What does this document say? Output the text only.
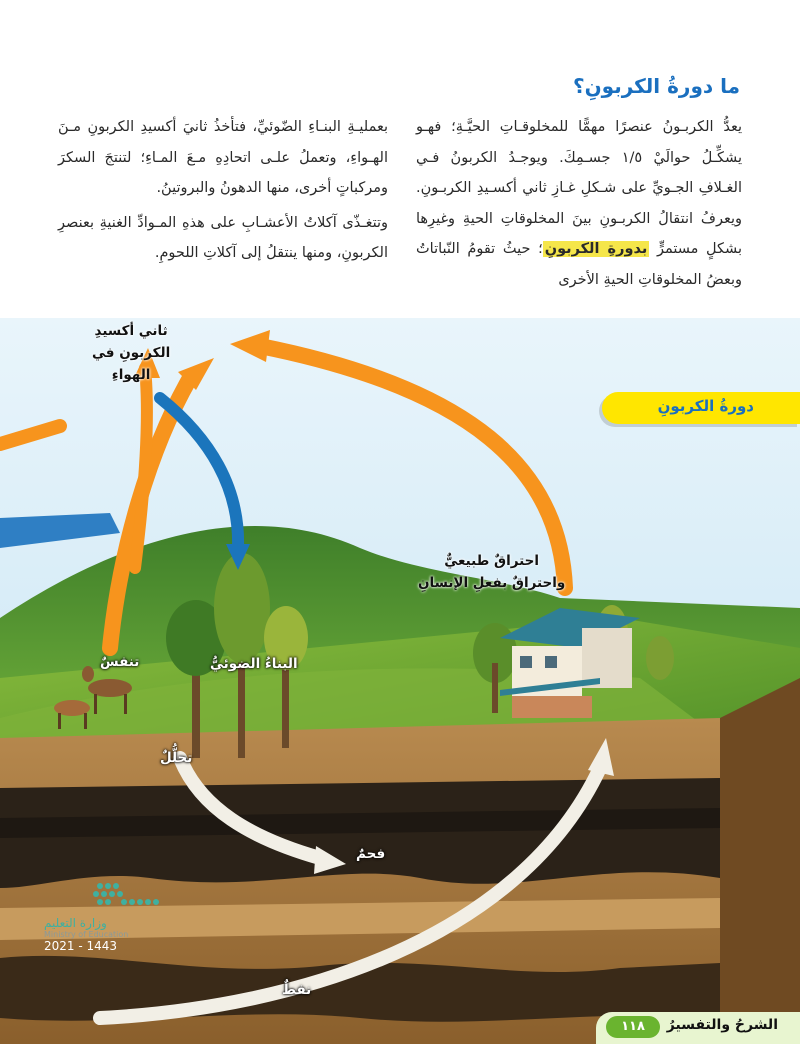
ما دورةُ الكربونِ؟

يعدُّ الكربـونُ عنصرًا مهمًّا للمخلوقـاتِ الحيَّـةِ؛ فهـو يشكِّـلُ حوالَيْ ١/٥ جسـمِكَ. ويوجـدُ الكربونُ فـي الغـلافِ الجـويِّ على شـكلِ غـازِ ثاني أكسـيدِ الكربـونِ. ويعرفُ انتقالُ الكربـونِ بينَ المخلوقاتِ الحيةِ وغيرِها بشكلٍ مستمرٍّ بدورةِ الكربونِ؛ حيثُ تقومُ النّباتاتُ وبعضُ المخلوقاتِ الحيةِ الأخرى

بعمليـةِ البنـاءِ الضّوئيِّ، فتأخذُ ثانيَ أكسيدِ الكربونِ مـنَ الهـواءِ، وتعملُ علـى اتحادِهِ مـعَ المـاءِ؛ لتنتجَ السكرَ ومركباتٍ أخرى، منها الدهونُ والبروتينُ.

وتتغـذّى آكلاتُ الأعشـابِ على هذهِ المـوادِّ الغنيةِ بعنصرِ الكربونِ، ومنها ينتقلُ إلى آكلاتِ اللحومِ.

ثاني أكسيدِ
الكربونِ في
الهواءِ
احتراقٌ طبيعيٌّ
واحتراقٌ بفعلِ الإنسانِ
تنفسٌ	البناءُ الضوئيُّ
تحلُّلٌ
فحمٌ
نفطٌ
دورةُ الكربونِ
وزارة التعليم
Ministry of Education
2021 - 1443
١١٨	الشرحُ والتفسيرُ
